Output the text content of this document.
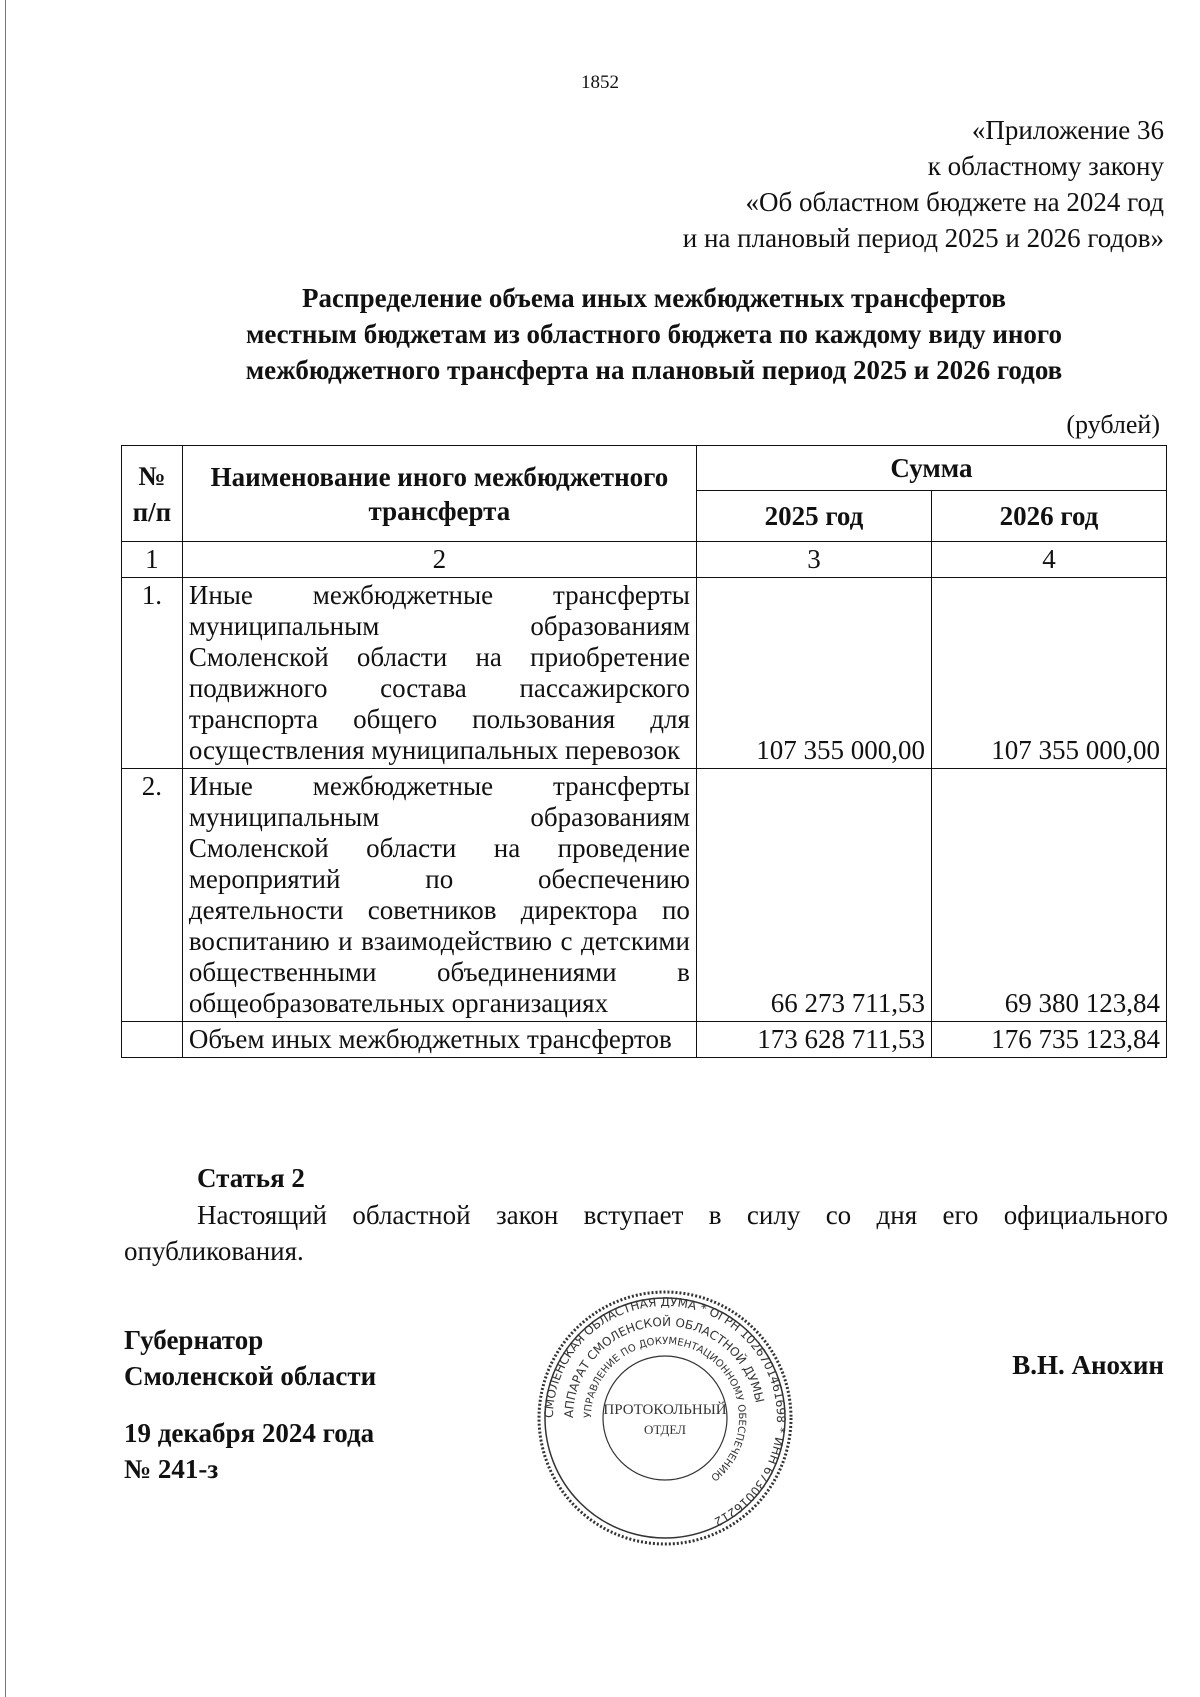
1852
«Приложение 36
к областному закону
«Об областном бюджете на 2024 год
и на плановый период 2025 и 2026 годов»
Распределение объема иных межбюджетных трансфертов
местным бюджетам из областного бюджета по каждому виду иного
межбюджетного трансферта на плановый период 2025 и 2026 годов
(рублей)
№ п/п	Наименование иного межбюджетного трансферта	Сумма	
		2025 год	2026 год
1	2	3	4
1.	Иные межбюджетные трансферты муниципальным образованиям Смоленской области на приобретение подвижного состава пассажирского транспорта общего пользования для осуществления муниципальных перевозок	107 355 000,00	107 355 000,00
2.	Иные межбюджетные трансферты муниципальным образованиям Смоленской области на проведение мероприятий по обеспечению деятельности советников директора по воспитанию и взаимодействию с детскими общественными объединениями в общеобразовательных организациях	66 273 711,53	69 380 123,84
	Объем иных межбюджетных трансфертов	173 628 711,53	176 735 123,84
Статья 2
Настоящий областной закон вступает в силу со дня его официального опубликования.
Губернатор
Смоленской области
19 декабря 2024 года
№ 241-з
В.Н. Анохин
СМОЛЕНСКАЯ ОБЛАСТНАЯ ДУМА * ОГРН 1026701461698 * ИНН 6730016212
АППАРАТ СМОЛЕНСКОЙ ОБЛАСТНОЙ ДУМЫ
УПРАВЛЕНИЕ ПО ДОКУМЕНТАЦИОННОМУ ОБЕСПЕЧЕНИЮ
ПРОТОКОЛЬНЫЙ
ОТДЕЛ
